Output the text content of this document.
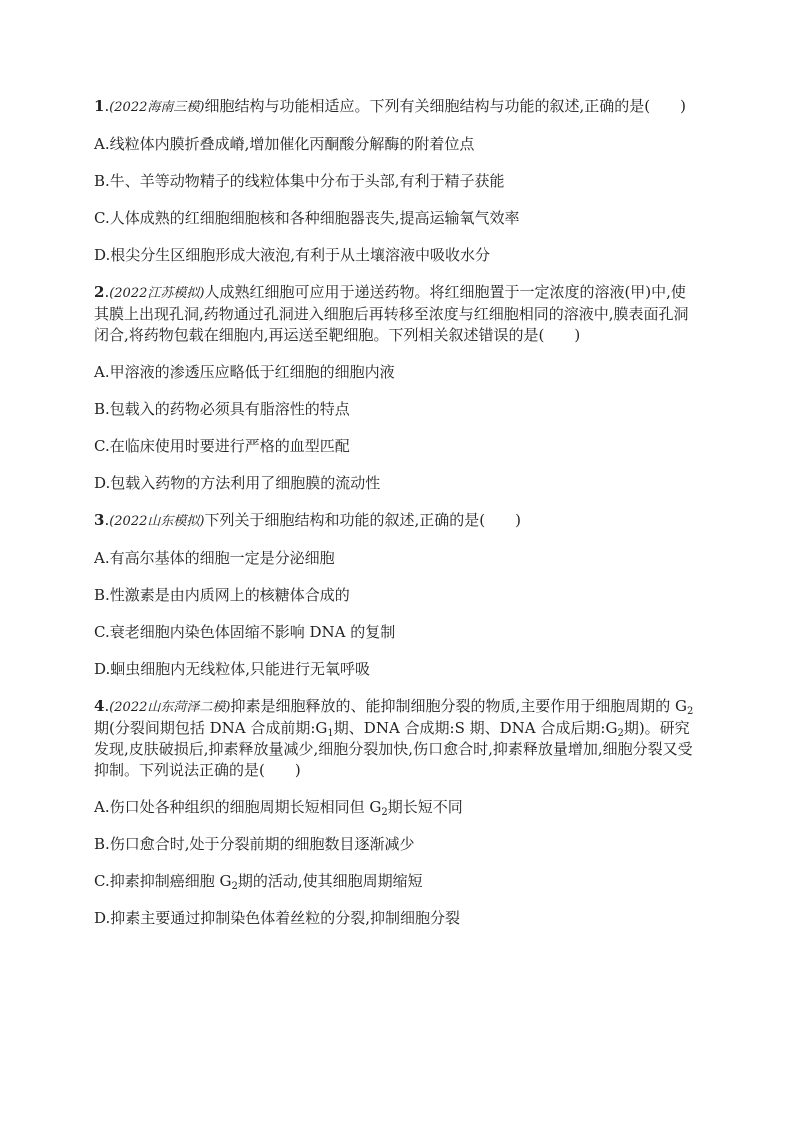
1.(2022海南三模)细胞结构与功能相适应。下列有关细胞结构与功能的叙述,正确的是(　　)

A.线粒体内膜折叠成嵴,增加催化丙酮酸分解酶的附着位点

B.牛、羊等动物精子的线粒体集中分布于头部,有利于精子获能

C.人体成熟的红细胞细胞核和各种细胞器丧失,提高运输氧气效率

D.根尖分生区细胞形成大液泡,有利于从土壤溶液中吸收水分

2.(2022江苏模拟)人成熟红细胞可应用于递送药物。将红细胞置于一定浓度的溶液(甲)中,使其膜上出现孔洞,药物通过孔洞进入细胞后再转移至浓度与红细胞相同的溶液中,膜表面孔洞闭合,将药物包载在细胞内,再运送至靶细胞。下列相关叙述错误的是(　　)

A.甲溶液的渗透压应略低于红细胞的细胞内液

B.包载入的药物必须具有脂溶性的特点

C.在临床使用时要进行严格的血型匹配

D.包载入药物的方法利用了细胞膜的流动性

3.(2022山东模拟)下列关于细胞结构和功能的叙述,正确的是(　　)

A.有高尔基体的细胞一定是分泌细胞

B.性激素是由内质网上的核糖体合成的

C.衰老细胞内染色体固缩不影响 DNA 的复制

D.蛔虫细胞内无线粒体,只能进行无氧呼吸

4.(2022山东菏泽二模)抑素是细胞释放的、能抑制细胞分裂的物质,主要作用于细胞周期的 $G_2$期(分裂间期包括 DNA 合成前期$:G_1$期、DNA 合成期:S 期、DNA 合成后期$:G_2$期)。研究发现,皮肤破损后,抑素释放量减少,细胞分裂加快,伤口愈合时,抑素释放量增加,细胞分裂又受抑制。下列说法正确的是(　　)

A.伤口处各种组织的细胞周期长短相同但 $G_2$期长短不同

B.伤口愈合时,处于分裂前期的细胞数目逐渐减少

C.抑素抑制癌细胞 $G_2$期的活动,使其细胞周期缩短

D.抑素主要通过抑制染色体着丝粒的分裂,抑制细胞分裂
